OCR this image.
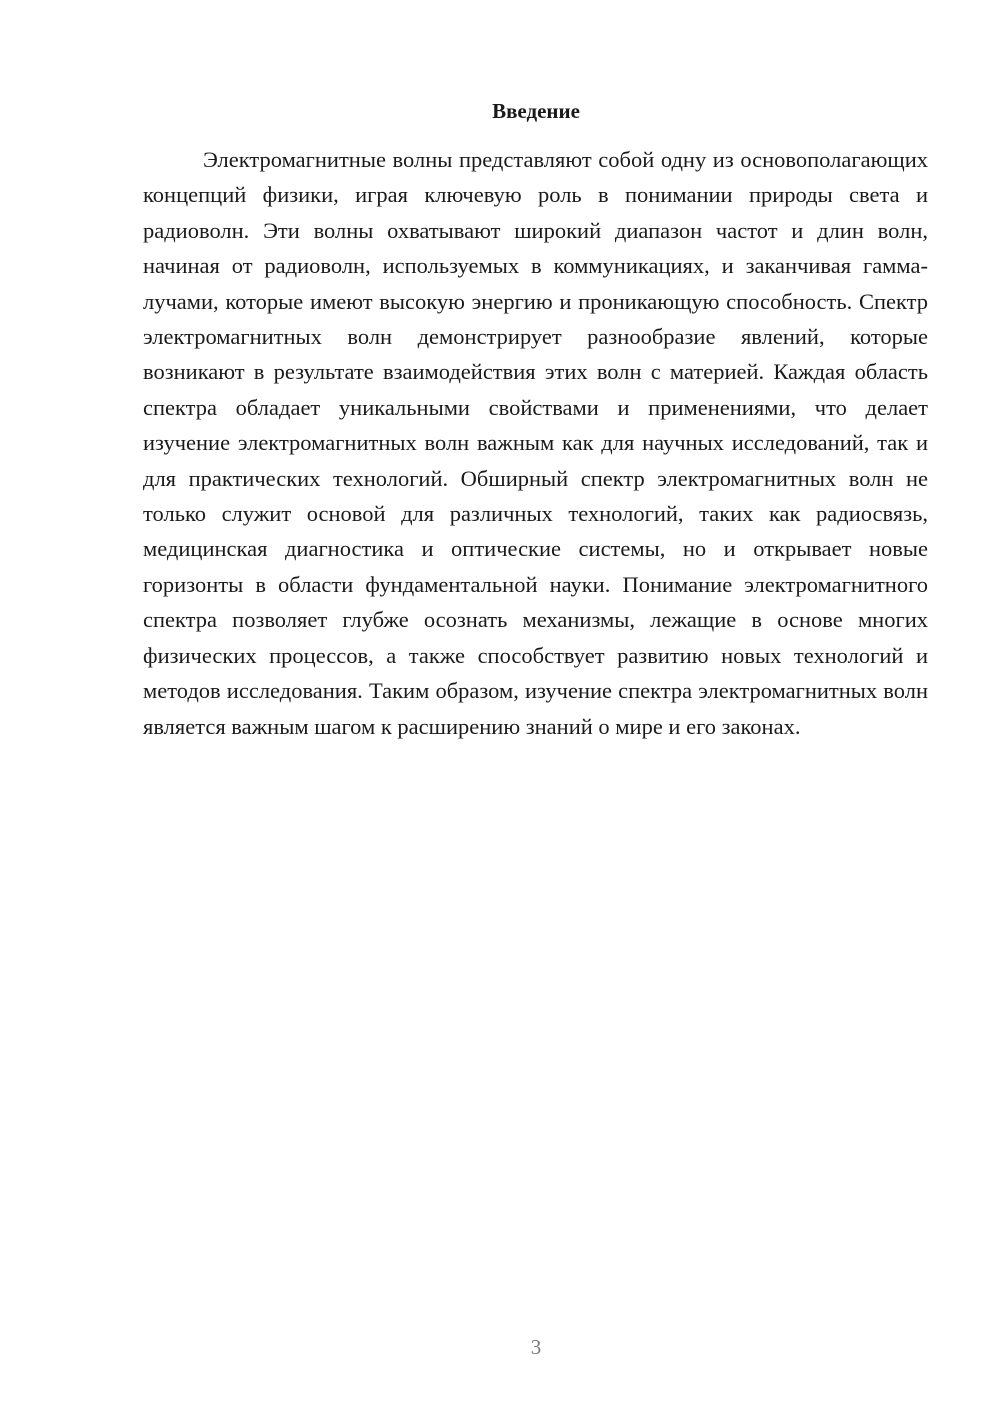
Введение

Электромагнитные волны представляют собой одну из основополагающих концепций физики, играя ключевую роль в понимании природы света и радиоволн. Эти волны охватывают широкий диапазон частот и длин волн, начиная от радиоволн, используемых в коммуникациях, и заканчивая гамма-лучами, которые имеют высокую энергию и проникающую способность. Спектр электромагнитных волн демонстрирует разнообразие явлений, которые возникают в результате взаимодействия этих волн с материей. Каждая область спектра обладает уникальными свойствами и применениями, что делает изучение электромагнитных волн важным как для научных исследований, так и для практических технологий. Обширный спектр электромагнитных волн не только служит основой для различных технологий, таких как радиосвязь, медицинская диагностика и оптические системы, но и открывает новые горизонты в области фундаментальной науки. Понимание электромагнитного спектра позволяет глубже осознать механизмы, лежащие в основе многих физических процессов, а также способствует развитию новых технологий и методов исследования. Таким образом, изучение спектра электромагнитных волн является важным шагом к расширению знаний о мире и его законах.

3
